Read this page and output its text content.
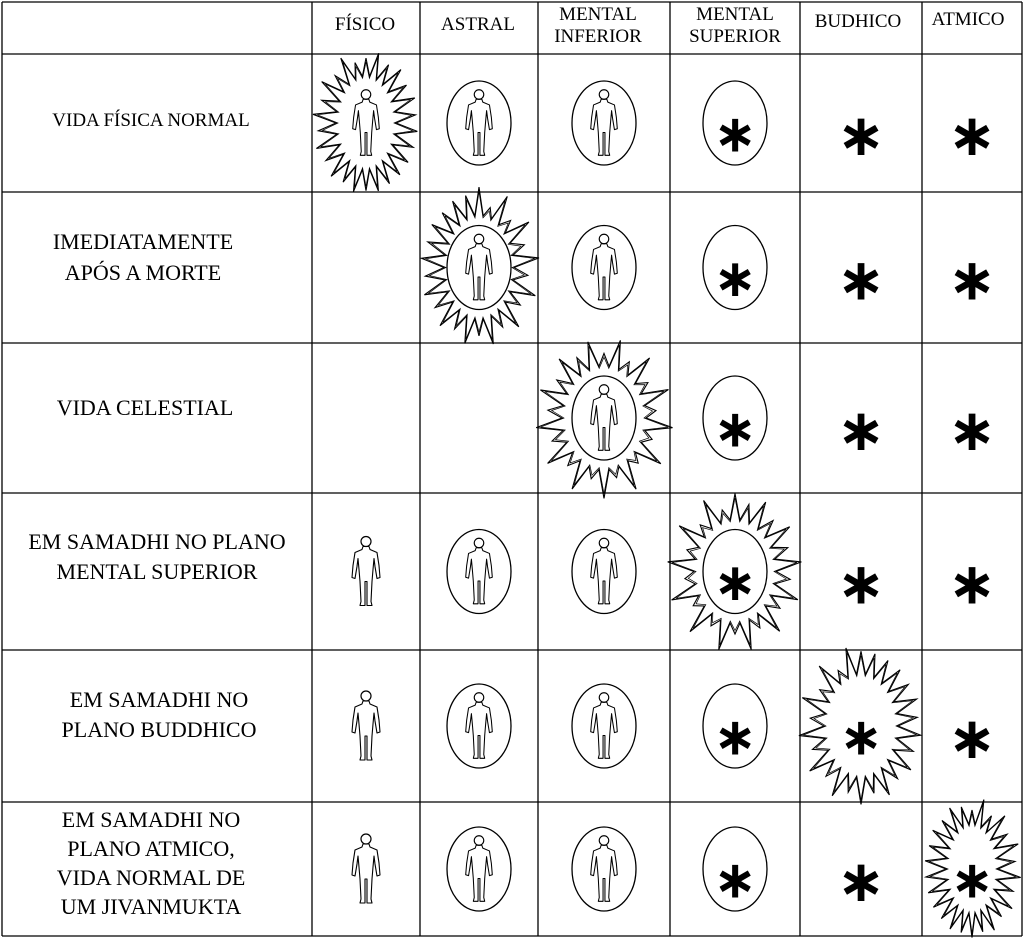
FÍSICO ASTRAL MENTAL
INFERIOR
MENTAL
SUPERIOR
BUDHICO ATMICO
VIDA FÍSICA NORMAL
IMEDIATAMENTE
APÓS A MORTE
VIDA CELESTIAL
EM SAMADHI NO PLANO
MENTAL SUPERIOR
EM SAMADHI NO
PLANO BUDDHICO
EM SAMADHI NO
PLANO ATMICO,
VIDA NORMAL DE
UM JIVANMUKTA
∗ ∗ ∗
∗ ∗ ∗
∗ ∗ ∗
∗ ∗ ∗
∗ ∗ ∗
∗ ∗ ∗
